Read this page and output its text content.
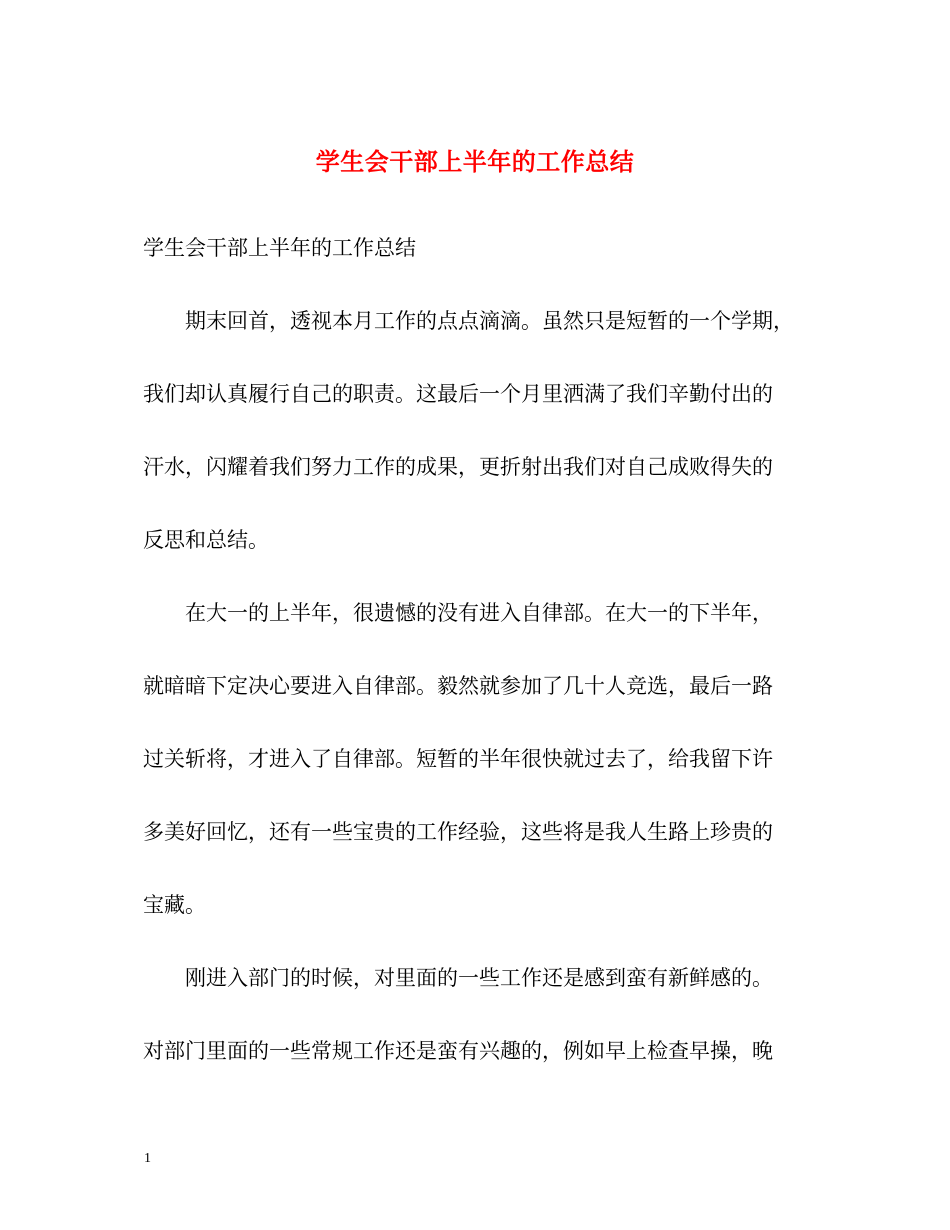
学生会干部上半年的工作总结
学生会干部上半年的工作总结
期末回首，透视本月工作的点点滴滴。虽然只是短暂的一个学期，
我们却认真履行自己的职责。这最后一个月里洒满了我们辛勤付出的
汗水，闪耀着我们努力工作的成果，更折射出我们对自己成败得失的
反思和总结。
在大一的上半年，很遗憾的没有进入自律部。在大一的下半年，
就暗暗下定决心要进入自律部。毅然就参加了几十人竞选，最后一路
过关斩将，才进入了自律部。短暂的半年很快就过去了，给我留下许
多美好回忆，还有一些宝贵的工作经验，这些将是我人生路上珍贵的
宝藏。
刚进入部门的时候，对里面的一些工作还是感到蛮有新鲜感的。
对部门里面的一些常规工作还是蛮有兴趣的，例如早上检查早操，晚
1
